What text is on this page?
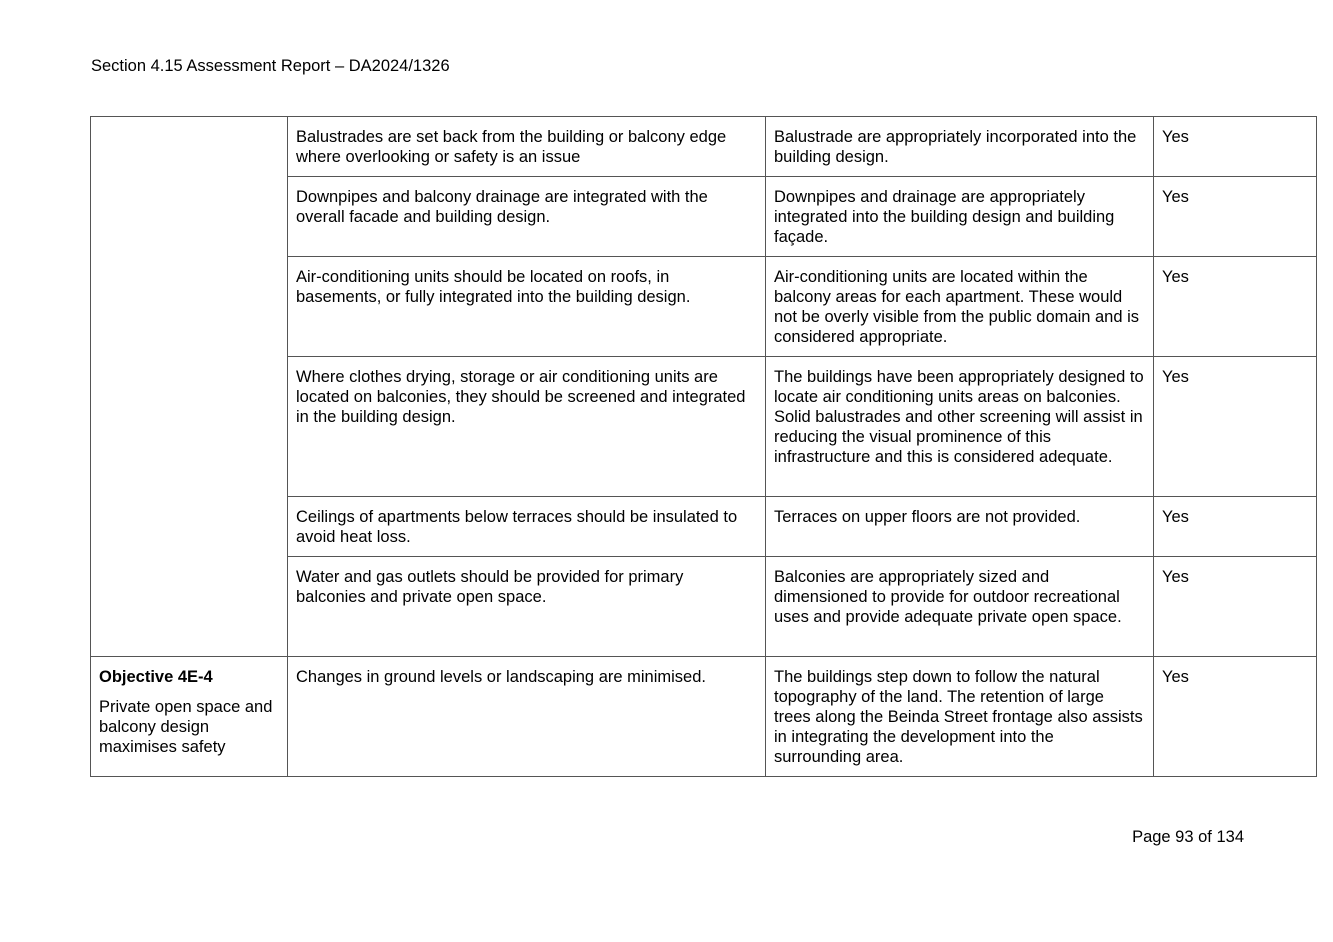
Section 4.15 Assessment Report – DA2024/1326
	Balustrades are set back from the building or balcony edge where overlooking or safety is an issue	Balustrade are appropriately incorporated into the building design.	Yes
	Downpipes and balcony drainage are integrated with the overall facade and building design.	Downpipes and drainage are appropriately integrated into the building design and building façade.	Yes
	Air-conditioning units should be located on roofs, in basements, or fully integrated into the building design.	Air-conditioning units are located within the balcony areas for each apartment. These would not be overly visible from the public domain and is considered appropriate.	Yes
	Where clothes drying, storage or air conditioning units are located on balconies, they should be screened and integrated in the building design.	The buildings have been appropriately designed to locate air conditioning units areas on balconies. Solid balustrades and other screening will assist in reducing the visual prominence of this infrastructure and this is considered adequate.	Yes
	Ceilings of apartments below terraces should be insulated to avoid heat loss.	Terraces on upper floors are not provided.	Yes
	Water and gas outlets should be provided for primary balconies and private open space.	Balconies are appropriately sized and dimensioned to provide for outdoor recreational uses and provide adequate private open space.	Yes

Objective 4E-4
Private open space and balcony design maximises safety	Changes in ground levels or landscaping are minimised.	The buildings step down to follow the natural topography of the land. The retention of large trees along the Beinda Street frontage also assists in integrating the development into the surrounding area.	Yes
Page 93 of 134
